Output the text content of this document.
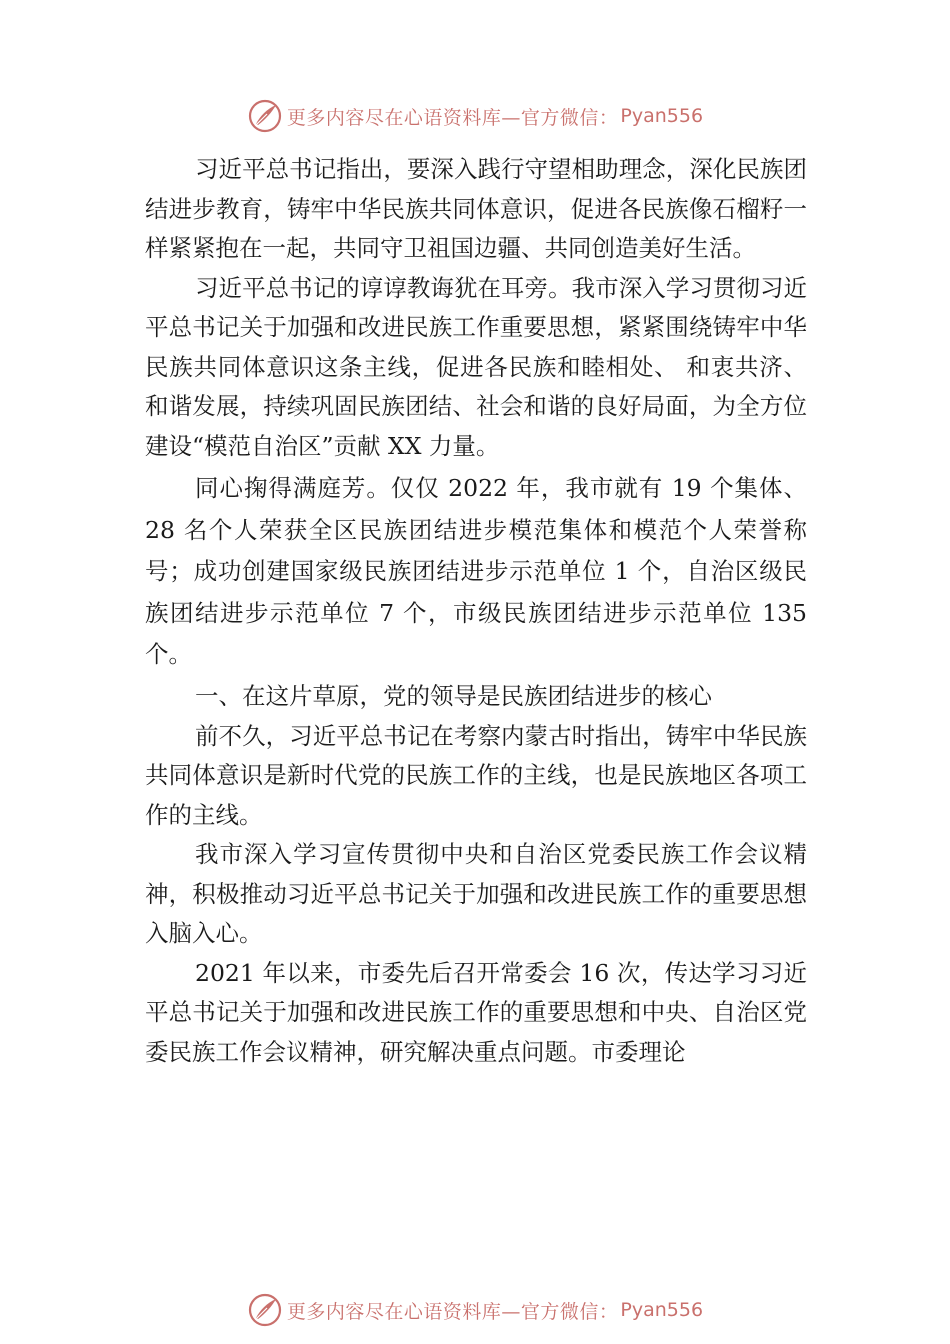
更多内容尽在心语资料库—官方微信： Pyan556

习近平总书记指出，要深入践行守望相助理念，深化民族团结进步教育，铸牢中华民族共同体意识，促进各民族像石榴籽一样紧紧抱在一起，共同守卫祖国边疆、共同创造美好生活。

习近平总书记的谆谆教诲犹在耳旁。我市深入学习贯彻习近平总书记关于加强和改进民族工作重要思想，紧紧围绕铸牢中华民族共同体意识这条主线，促进各民族和睦相处、 和衷共济、和谐发展，持续巩固民族团结、社会和谐的良好局面，为全方位建设“模范自治区”贡献 XX 力量。

同心掬得满庭芳。仅仅 2022 年，我市就有 19 个集体、28 名个人荣获全区民族团结进步模范集体和模范个人荣誉称号；成功创建国家级民族团结进步示范单位 1 个，自治区级民族团结进步示范单位 7 个，市级民族团结进步示范单位 135 个。

一、在这片草原，党的领导是民族团结进步的核心

前不久，习近平总书记在考察内蒙古时指出，铸牢中华民族共同体意识是新时代党的民族工作的主线，也是民族地区各项工作的主线。

我市深入学习宣传贯彻中央和自治区党委民族工作会议精神，积极推动习近平总书记关于加强和改进民族工作的重要思想入脑入心。

2021 年以来，市委先后召开常委会 16 次，传达学习习近平总书记关于加强和改进民族工作的重要思想和中央、自治区党委民族工作会议精神，研究解决重点问题。市委理论

更多内容尽在心语资料库—官方微信： Pyan556
